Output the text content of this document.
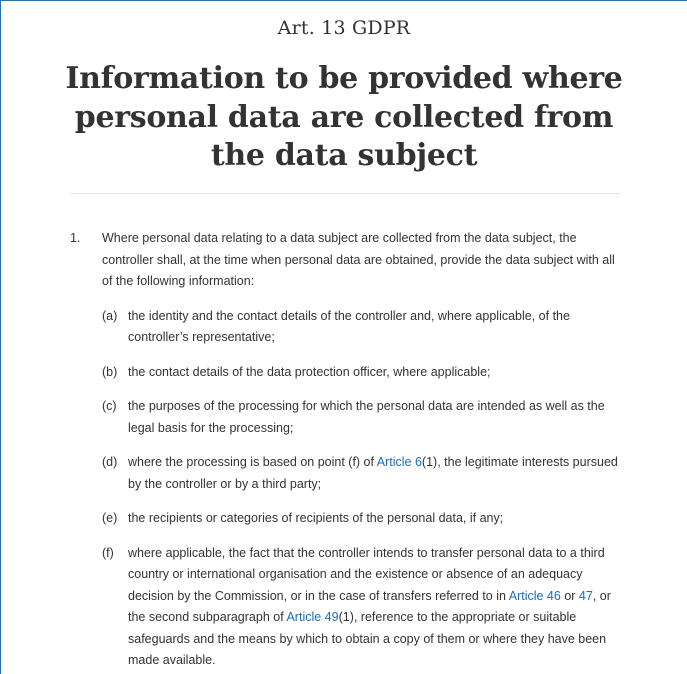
Art. 13 GDPR
Information to be provided where personal data are collected from the data subject
1.	Where personal data relating to a data subject are collected from the data subject, the controller shall, at the time when personal data are obtained, provide the data subject with all of the following information:
(a) the identity and the contact details of the controller and, where applicable, of the controller’s representative;
(b) the contact details of the data protection officer, where applicable;
(c) the purposes of the processing for which the personal data are intended as well as the legal basis for the processing;
(d) where the processing is based on point (f) of Article 6(1), the legitimate interests pursued by the controller or by a third party;
(e) the recipients or categories of recipients of the personal data, if any;
(f)	where applicable, the fact that the controller intends to transfer personal data to a third country or international organisation and the existence or absence of an adequacy decision by the Commission, or in the case of transfers referred to in Article 46 or 47, or the second subparagraph of Article 49(1), reference to the appropriate or suitable safeguards and the means by which to obtain a copy of them or where they have been made available.
